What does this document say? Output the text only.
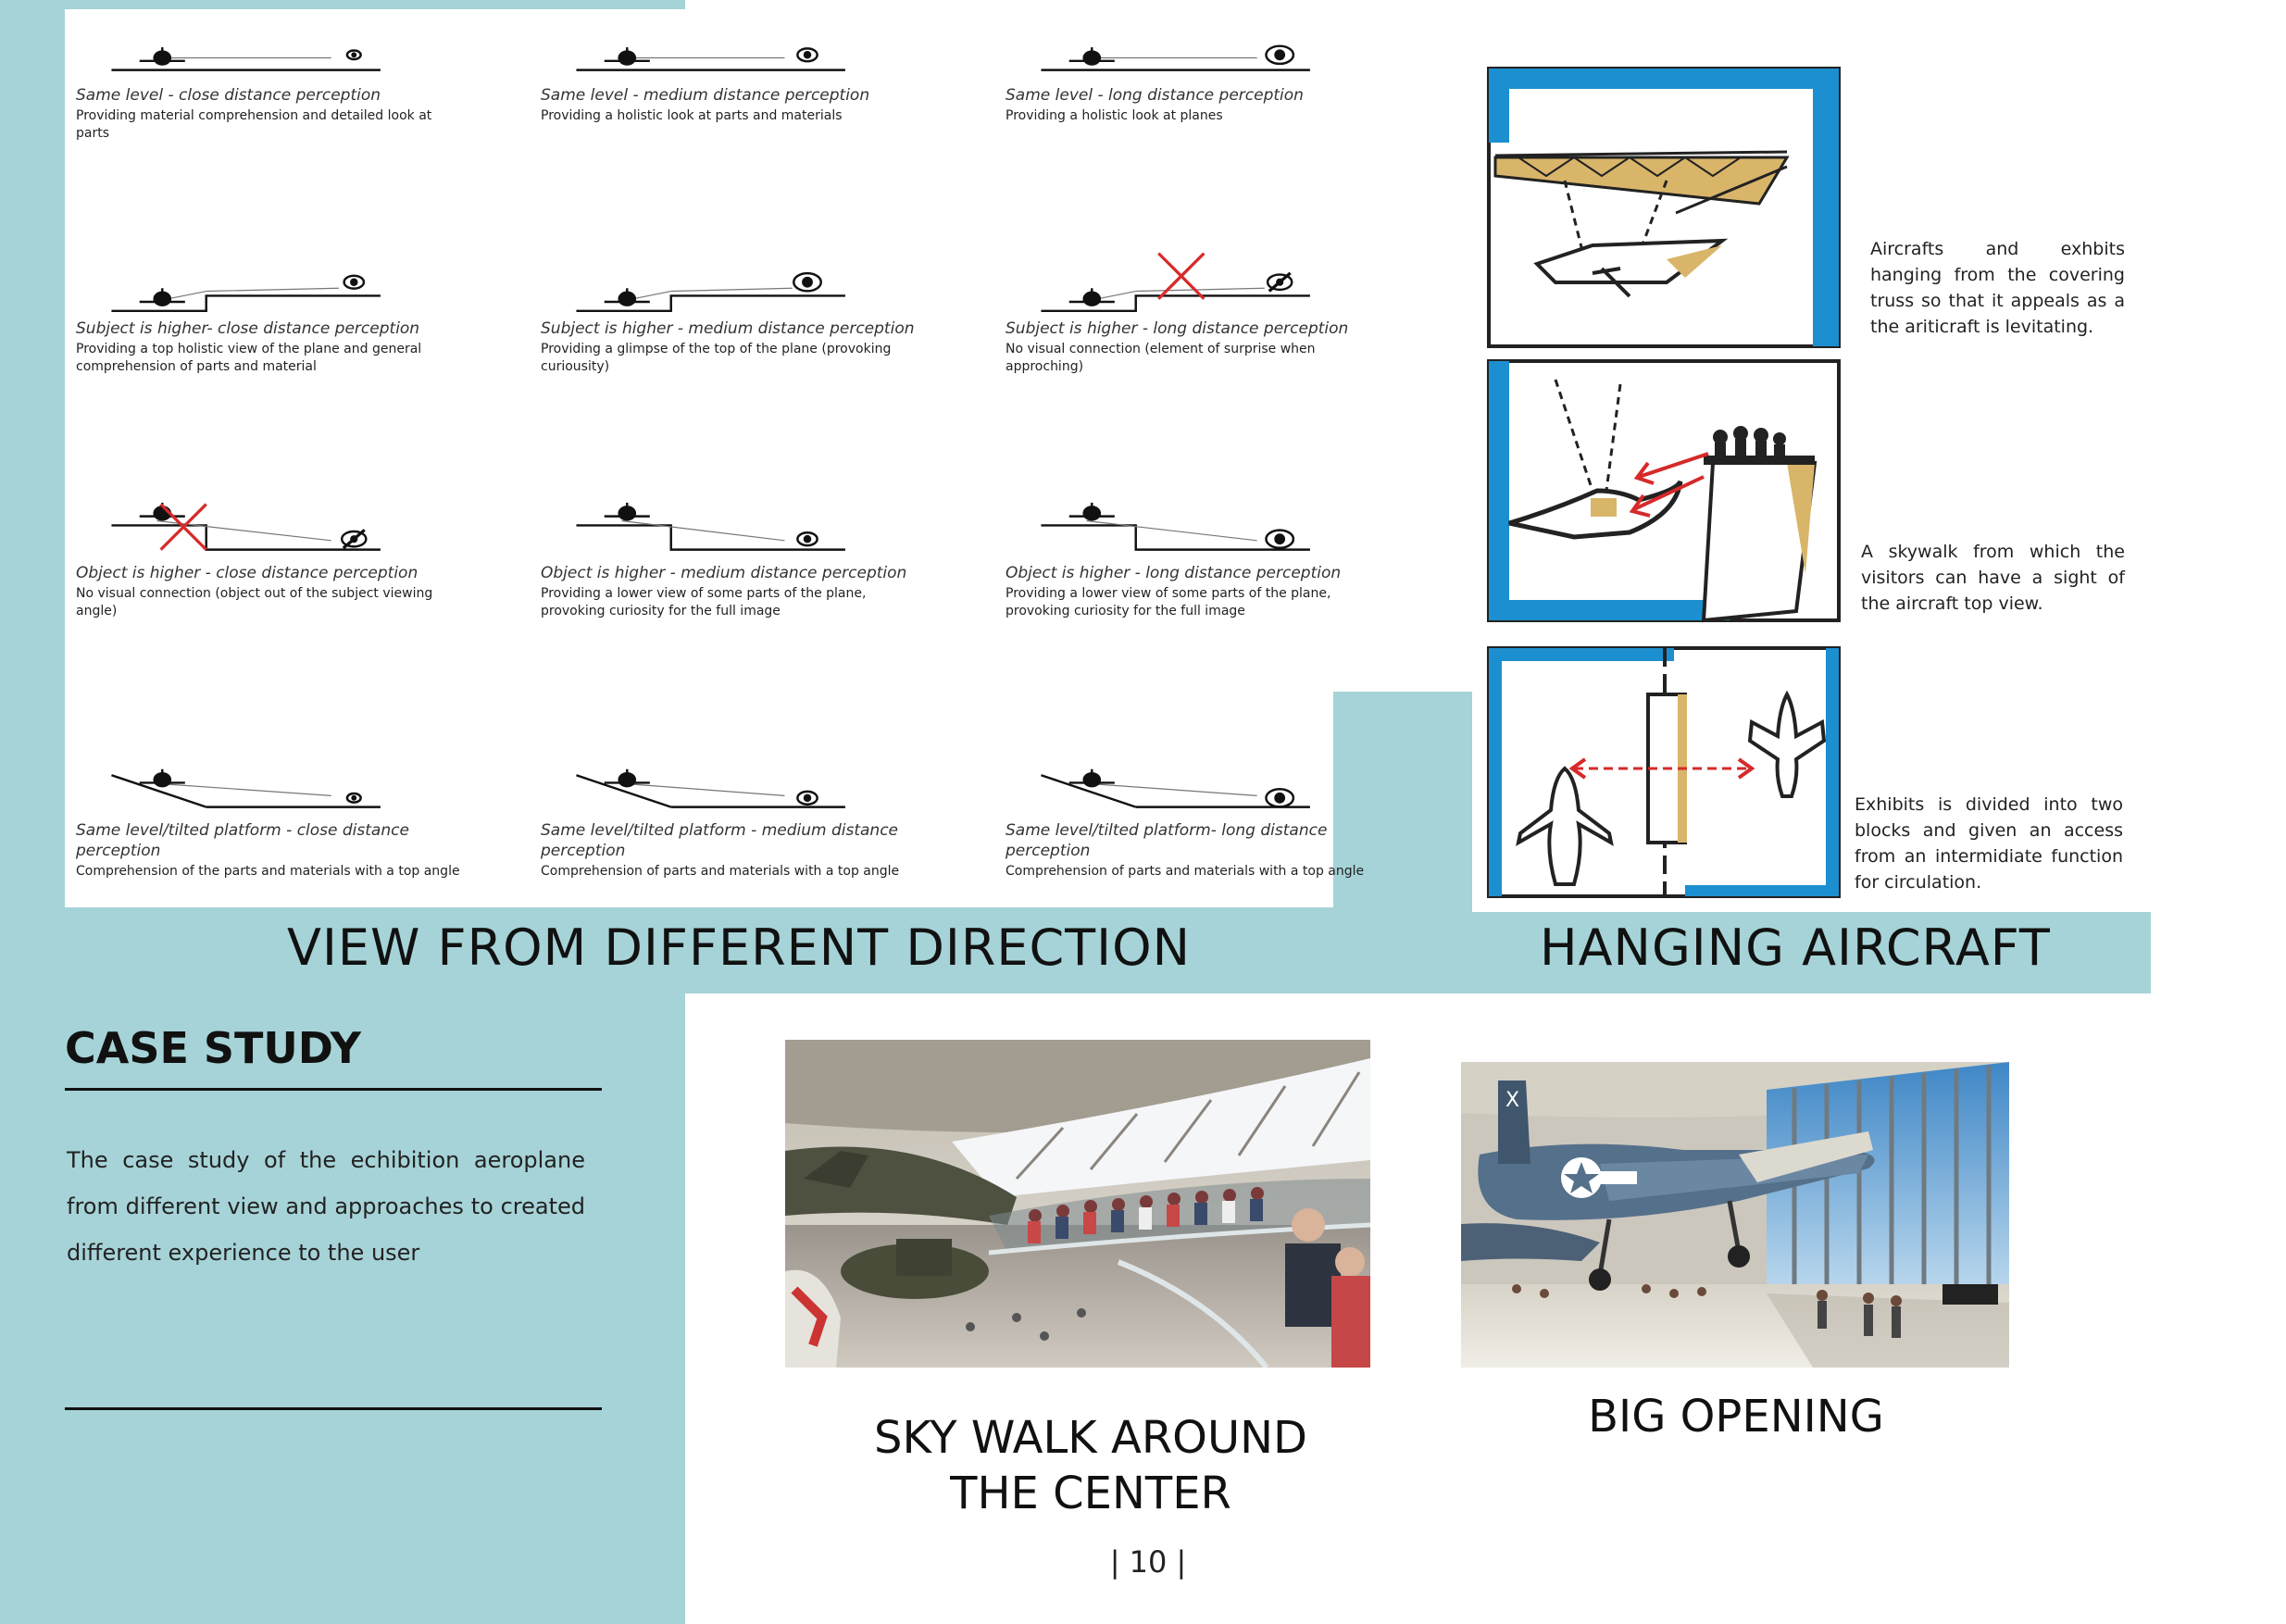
Same level - close distance perception
Providing material comprehension and detailed look at parts
Same level - medium distance perception
Providing a holistic look at parts and materials
Same level - long distance perception
Providing a holistic look at planes
Subject is higher- close distance perception
Providing a top holistic view of the plane and general comprehension of parts and material
Subject is higher - medium distance perception
Providing a glimpse of the top of the plane (provoking curiousity)
Subject is higher - long distance perception
No visual connection (element of surprise when approching)
Object is higher - close distance perception
No visual connection (object out of the subject viewing angle)
Object is higher - medium distance perception
Providing a lower view of some parts of the plane, provoking curiosity for the full image
Object is higher - long distance perception
Providing a lower view of some parts of the plane, provoking curiosity for the full image
Same level/tilted platform - close distance perception
Comprehension of the parts and materials with a top angle
Same level/tilted platform - medium distance perception
Comprehension of parts and materials with a top angle
Same level/tilted platform- long distance perception
Comprehension of parts and materials with a top angle
VIEW FROM DIFFERENT DIRECTION
Aircrafts and exhbits hanging from the covering truss so that it appeals as a the ariticraft is levitating.
A skywalk from which the visitors can have a sight of the aircraft top view.
Exhibits is divided into two blocks and given an access from an intermidiate function for circulation.
HANGING AIRCRAFT
CASE STUDY
The case study of the echibition aeroplane from different view and approaches to created different experience to the user
X
SKY WALK AROUND
THE CENTER
BIG OPENING
| 10 |
